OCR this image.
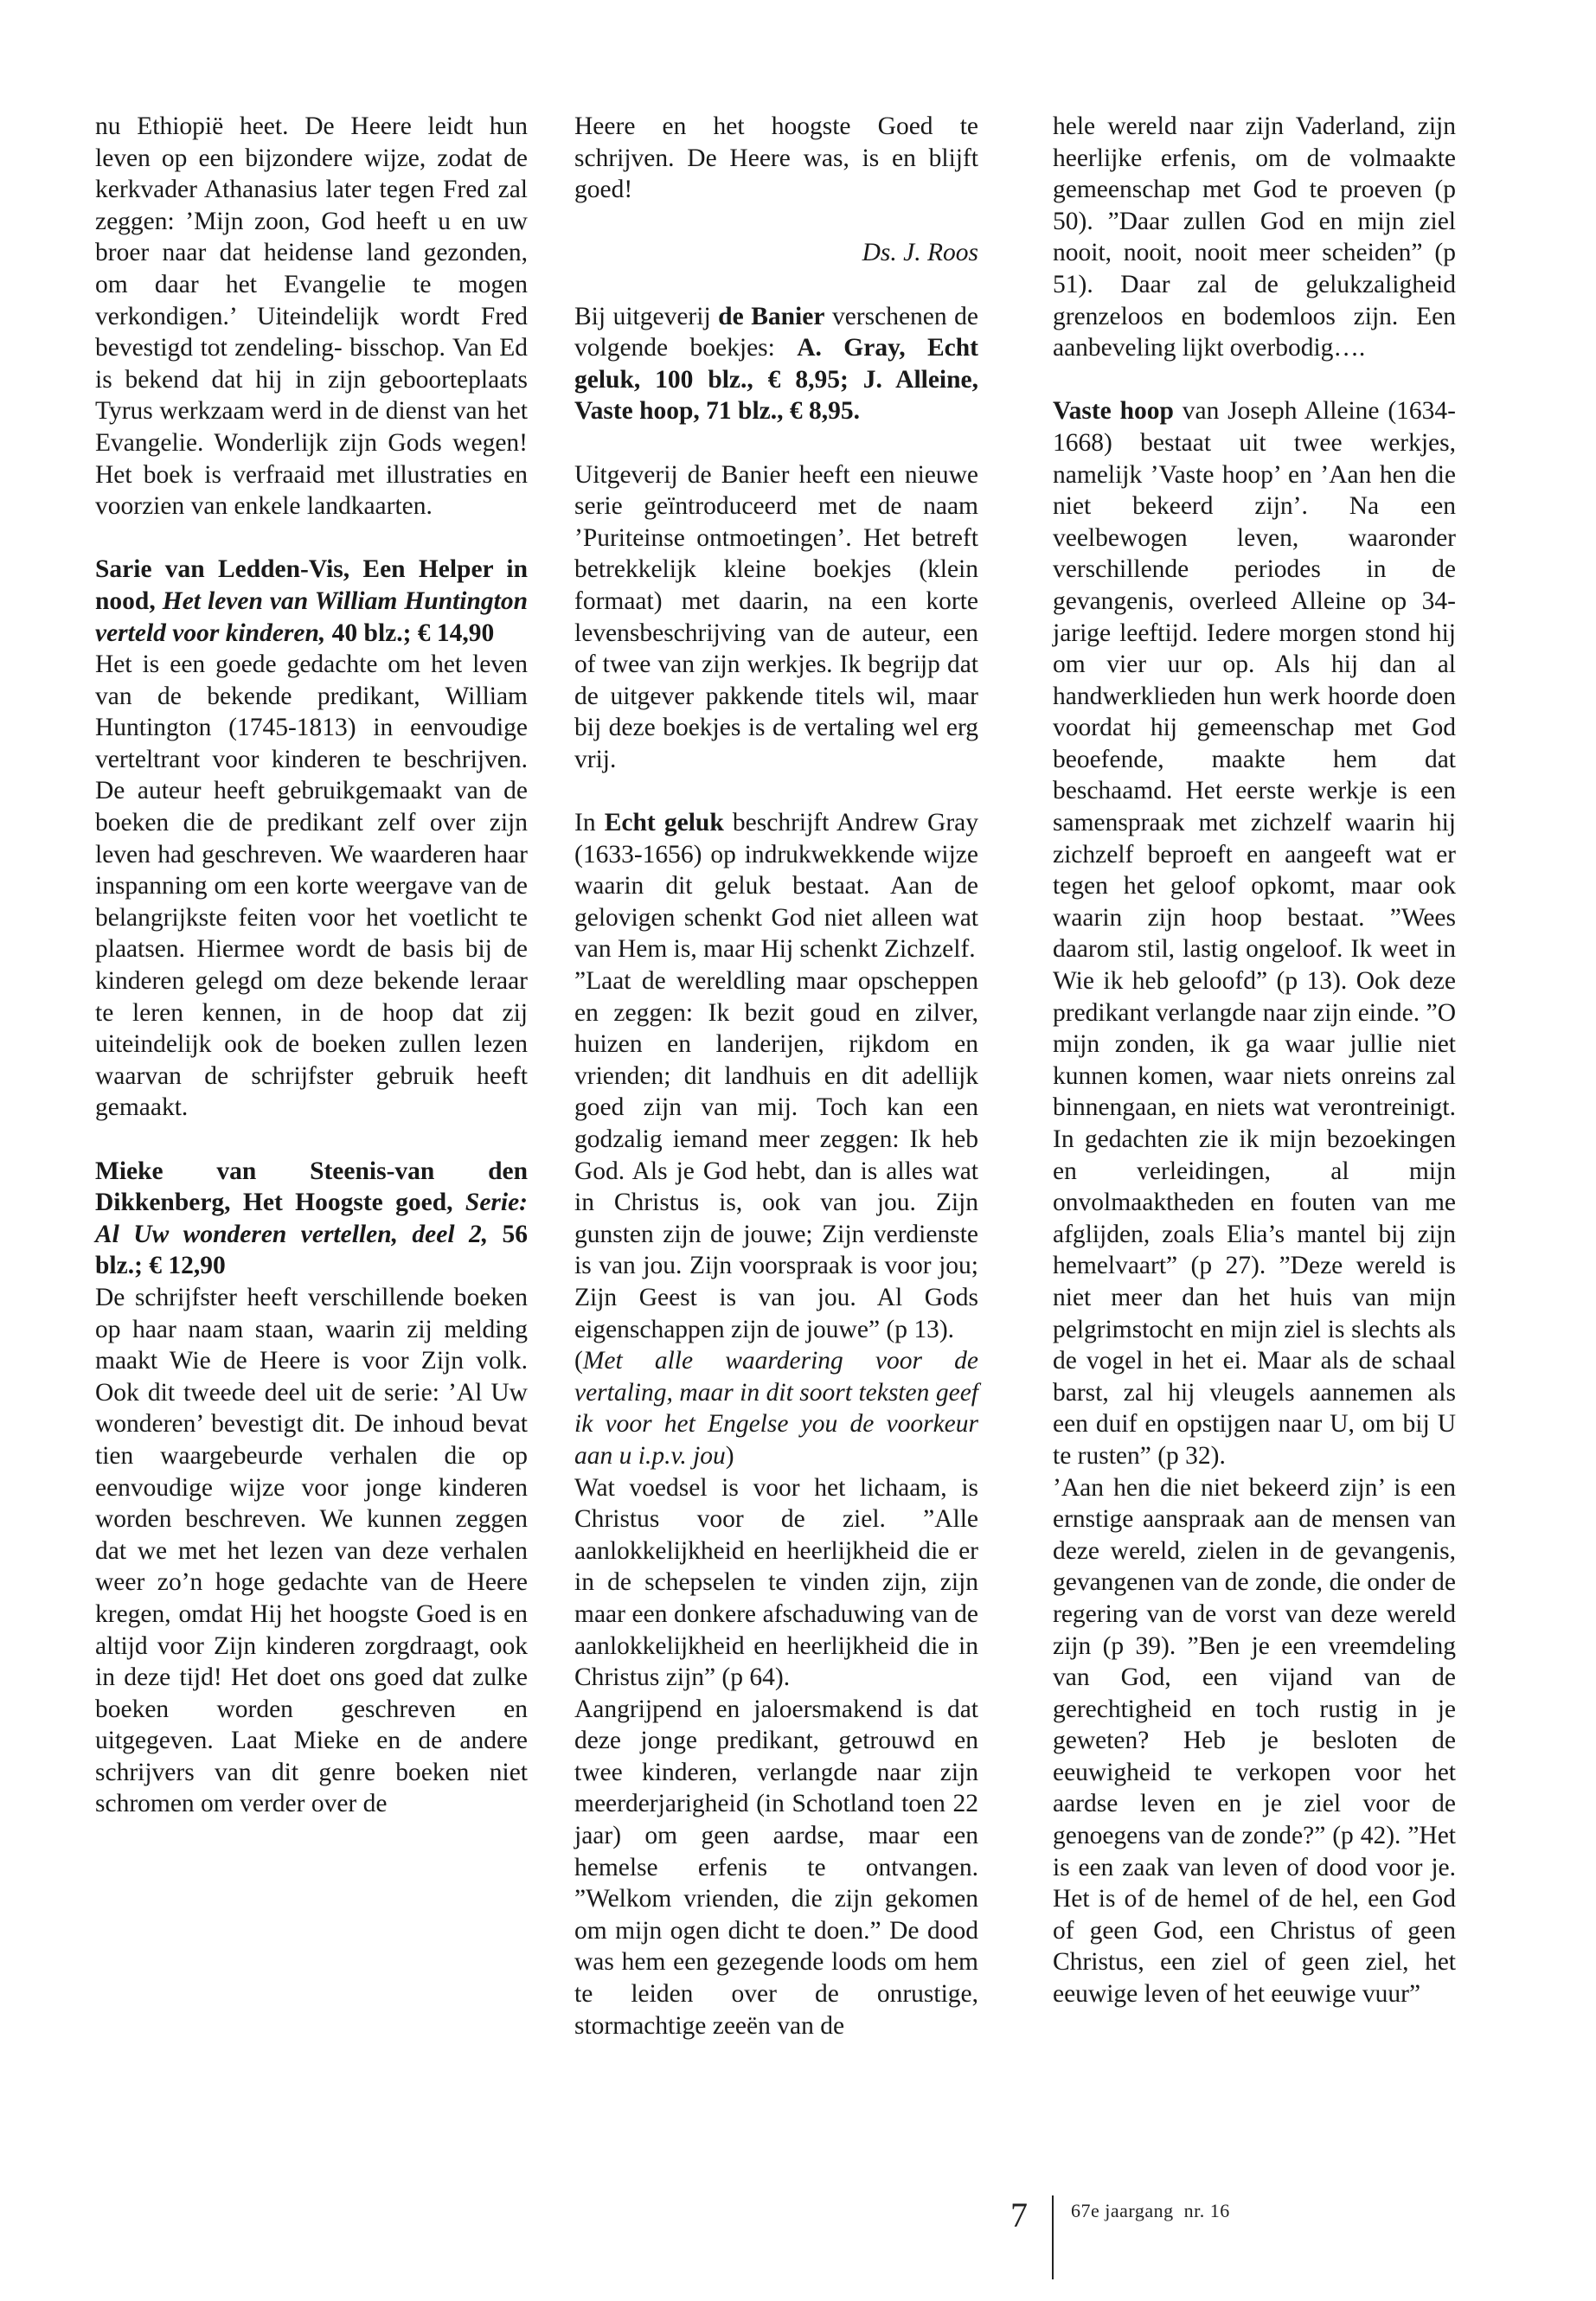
nu Ethiopië heet. De Heere leidt hun leven op een bijzondere wijze, zodat de kerkvader Athanasius later tegen Fred zal zeggen: ’Mijn zoon, God heeft u en uw broer naar dat heidense land gezonden, om daar het Evangelie te mogen verkondigen.’ Uiteindelijk wordt Fred bevestigd tot zendeling- bisschop. Van Ed is bekend dat hij in zijn geboorteplaats Tyrus werkzaam werd in de dienst van het Evangelie. Wonderlijk zijn Gods wegen! Het boek is verfraaid met illustraties en voorzien van enkele landkaarten.

Sarie van Ledden-Vis, Een Helper in nood, Het leven van William Huntington verteld voor kinderen, 40 blz.; € 14,90

Het is een goede gedachte om het leven van de bekende predikant, William Huntington (1745-1813) in eenvoudige verteltrant voor kinderen te beschrijven. De auteur heeft gebruikgemaakt van de boeken die de predikant zelf over zijn leven had geschreven. We waarderen haar inspanning om een korte weergave van de belangrijkste feiten voor het voetlicht te plaatsen. Hiermee wordt de basis bij de kinderen gelegd om deze bekende leraar te leren kennen, in de hoop dat zij uiteindelijk ook de boeken zullen lezen waarvan de schrijfster gebruik heeft gemaakt.

Mieke van Steenis-van den Dikkenberg, Het Hoogste goed, Serie: Al Uw wonderen vertellen, deel 2, 56 blz.; € 12,90

De schrijfster heeft verschillende boeken op haar naam staan, waarin zij melding maakt Wie de Heere is voor Zijn volk. Ook dit tweede deel uit de serie: ’Al Uw wonderen’ bevestigt dit. De inhoud bevat tien waargebeurde verhalen die op eenvoudige wijze voor jonge kinderen worden beschreven. We kunnen zeggen dat we met het lezen van deze verhalen weer zo’n hoge gedachte van de Heere kregen, omdat Hij het hoogste Goed is en altijd voor Zijn kinderen zorgdraagt, ook in deze tijd! Het doet ons goed dat zulke boeken worden geschreven en uitgegeven. Laat Mieke en de andere schrijvers van dit genre boeken niet schromen om verder over de

Heere en het hoogste Goed te schrijven. De Heere was, is en blijft goed!

Ds. J. Roos

Bij uitgeverij de Banier verschenen de volgende boekjes: A. Gray, Echt geluk, 100 blz., € 8,95; J. Alleine, Vaste hoop, 71 blz., € 8,95.

Uitgeverij de Banier heeft een nieuwe serie geïntroduceerd met de naam ’Puriteinse ontmoetingen’. Het betreft betrekkelijk kleine boekjes (klein formaat) met daarin, na een korte levensbeschrijving van de auteur, een of twee van zijn werkjes. Ik begrijp dat de uitgever pakkende titels wil, maar bij deze boekjes is de vertaling wel erg vrij.

In Echt geluk beschrijft Andrew Gray (1633-1656) op indrukwekkende wijze waarin dit geluk bestaat. Aan de gelovigen schenkt God niet alleen wat van Hem is, maar Hij schenkt Zichzelf.

”Laat de wereldling maar opscheppen en zeggen: Ik bezit goud en zilver, huizen en landerijen, rijkdom en vrienden; dit landhuis en dit adellijk goed zijn van mij. Toch kan een godzalig iemand meer zeggen: Ik heb God. Als je God hebt, dan is alles wat in Christus is, ook van jou. Zijn gunsten zijn de jouwe; Zijn verdienste is van jou. Zijn voorspraak is voor jou; Zijn Geest is van jou. Al Gods eigenschappen zijn de jouwe” (p 13).

(Met alle waardering voor de vertaling, maar in dit soort teksten geef ik voor het Engelse you de voorkeur aan u i.p.v. jou)

Wat voedsel is voor het lichaam, is Christus voor de ziel. ”Alle aanlokkelijkheid en heerlijkheid die er in de schepselen te vinden zijn, zijn maar een donkere afschaduwing van de aanlokkelijkheid en heerlijkheid die in Christus zijn” (p 64).

Aangrijpend en jaloersmakend is dat deze jonge predikant, getrouwd en twee kinderen, verlangde naar zijn meerderjarigheid (in Schotland toen 22 jaar) om geen aardse, maar een hemelse erfenis te ontvangen. ”Welkom vrienden, die zijn gekomen om mijn ogen dicht te doen.” De dood was hem een gezegende loods om hem te leiden over de onrustige, stormachtige zeeën van de

hele wereld naar zijn Vaderland, zijn heerlijke erfenis, om de volmaakte gemeenschap met God te proeven (p 50). ”Daar zullen God en mijn ziel nooit, nooit, nooit meer scheiden” (p 51). Daar zal de gelukzaligheid grenzeloos en bodemloos zijn. Een aanbeveling lijkt overbodig….

Vaste hoop van Joseph Alleine (1634-1668) bestaat uit twee werkjes, namelijk ’Vaste hoop’ en ’Aan hen die niet bekeerd zijn’. Na een veelbewogen leven, waaronder verschillende periodes in de gevangenis, overleed Alleine op 34-jarige leeftijd. Iedere morgen stond hij om vier uur op. Als hij dan al handwerklieden hun werk hoorde doen voordat hij gemeenschap met God beoefende, maakte hem dat beschaamd. Het eerste werkje is een samenspraak met zichzelf waarin hij zichzelf beproeft en aangeeft wat er tegen het geloof opkomt, maar ook waarin zijn hoop bestaat. ”Wees daarom stil, lastig ongeloof. Ik weet in Wie ik heb geloofd” (p 13). Ook deze predikant verlangde naar zijn einde. ”O mijn zonden, ik ga waar jullie niet kunnen komen, waar niets onreins zal binnengaan, en niets wat verontreinigt. In gedachten zie ik mijn bezoekingen en verleidingen, al mijn onvolmaaktheden en fouten van me afglijden, zoals Elia’s mantel bij zijn hemelvaart” (p 27). ”Deze wereld is niet meer dan het huis van mijn pelgrimstocht en mijn ziel is slechts als de vogel in het ei. Maar als de schaal barst, zal hij vleugels aannemen als een duif en opstijgen naar U, om bij U te rusten” (p 32).

’Aan hen die niet bekeerd zijn’ is een ernstige aanspraak aan de mensen van deze wereld, zielen in de gevangenis, gevangenen van de zonde, die onder de regering van de vorst van deze wereld zijn (p 39). ”Ben je een vreemdeling van God, een vijand van de gerechtigheid en toch rustig in je geweten? Heb je besloten de eeuwigheid te verkopen voor het aardse leven en je ziel voor de genoegens van de zonde?” (p 42). ”Het is een zaak van leven of dood voor je. Het is of de hemel of de hel, een God of geen God, een Christus of geen Christus, een ziel of geen ziel, het eeuwige leven of het eeuwige vuur”

7 67e jaargang  nr. 16
